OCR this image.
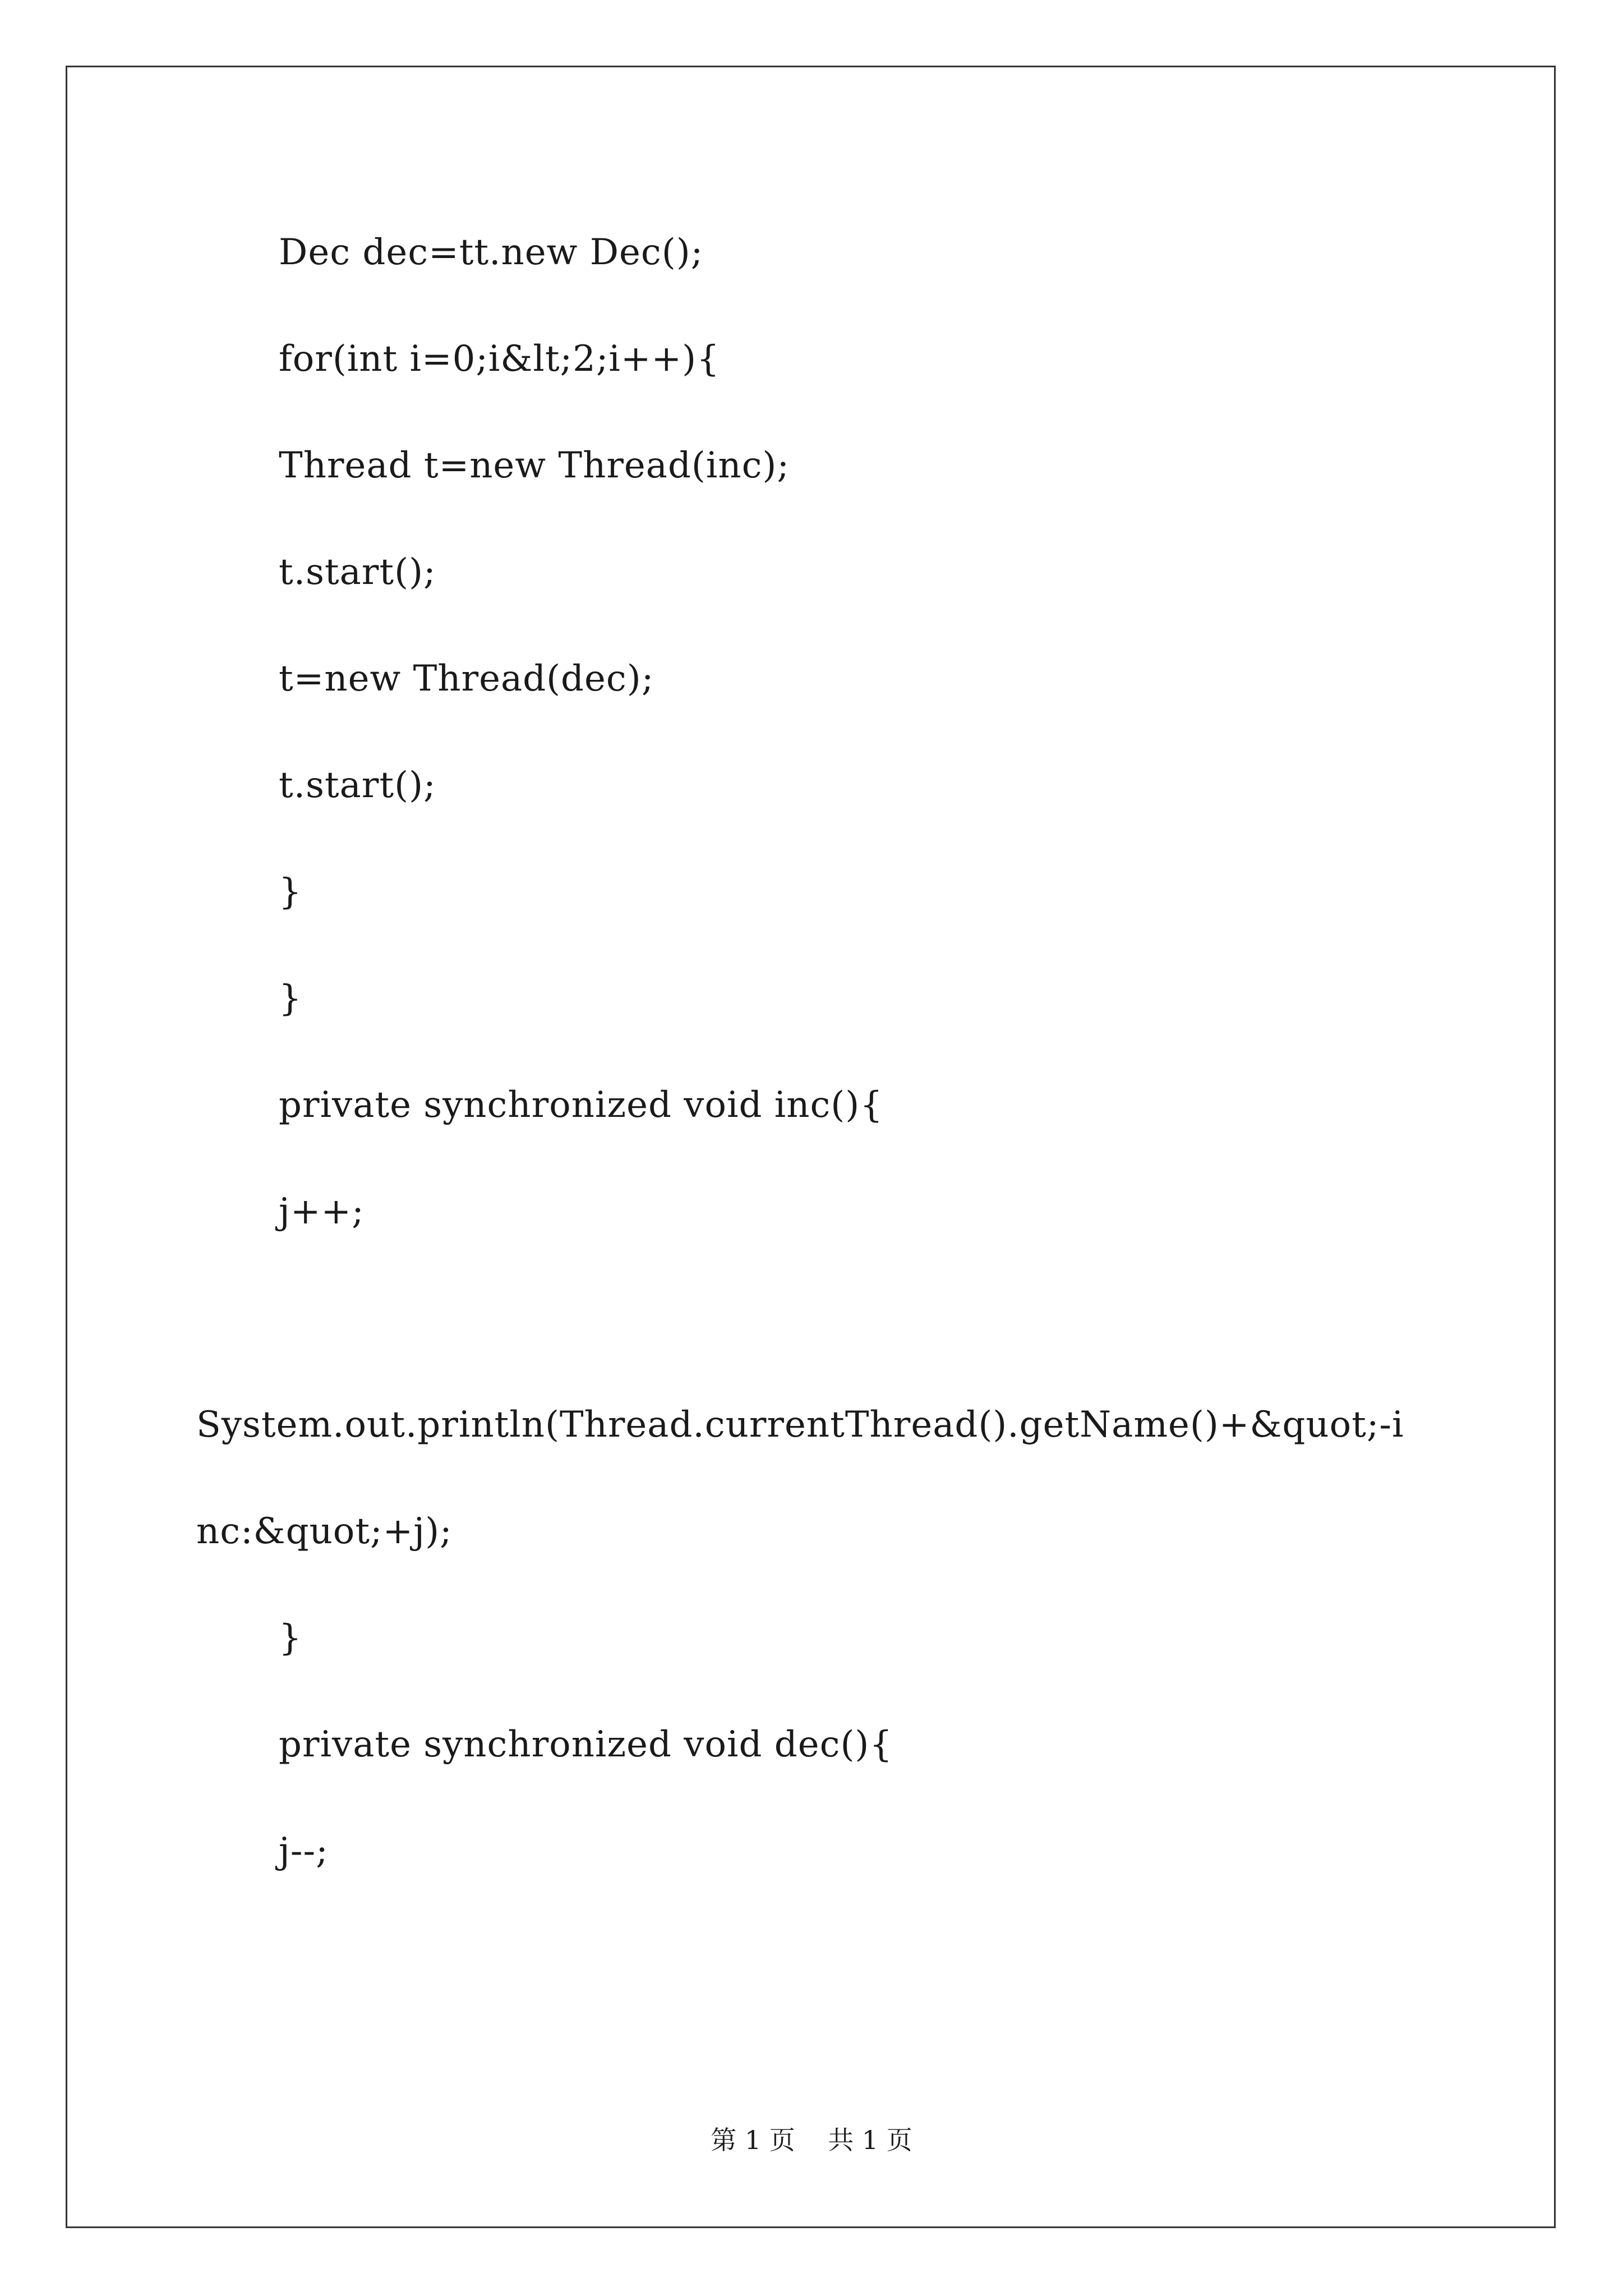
Dec dec=tt.new Dec();
for(int i=0;i&lt;2;i++){
Thread t=new Thread(inc);
t.start();
t=new Thread(dec);
t.start();
}
}
private synchronized void inc(){
j++;
System.out.println(Thread.currentThread().getName()+&quot;-i
nc:&quot;+j);
}
private synchronized void dec(){
j--;
第 1 页    共 1 页
